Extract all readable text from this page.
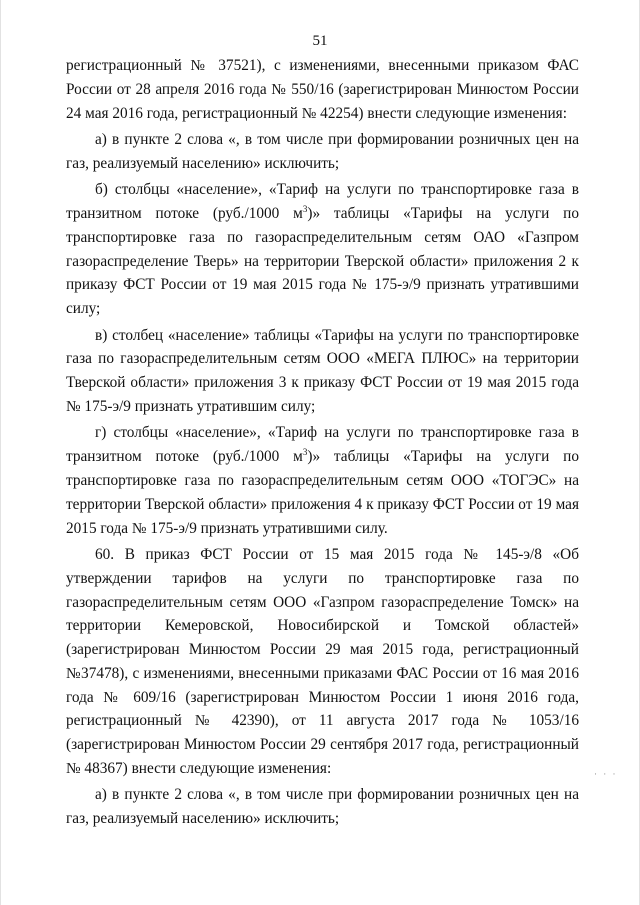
51

регистрационный № 37521), с изменениями, внесенными приказом ФАС России от 28 апреля 2016 года № 550/16 (зарегистрирован Минюстом России 24 мая 2016 года, регистрационный № 42254) внести следующие изменения:

а) в пункте 2 слова «, в том числе при формировании розничных цен на газ, реализуемый населению» исключить;

б) столбцы «население», «Тариф на услуги по транспортировке газа в транзитном потоке (руб./1000 $м^3$)» таблицы «Тарифы на услуги по транспортировке газа по газораспределительным сетям ОАО «Газпром газораспределение Тверь» на территории Тверской области» приложения 2 к приказу ФСТ России от 19 мая 2015 года № 175-э/9 признать утратившими силу;

в) столбец «население» таблицы «Тарифы на услуги по транспортировке газа по газораспределительным сетям ООО «МЕГА ПЛЮС» на территории Тверской области» приложения 3 к приказу ФСТ России от 19 мая 2015 года № 175-э/9 признать утратившим силу;

г) столбцы «население», «Тариф на услуги по транспортировке газа в транзитном потоке (руб./1000 $м^3$)» таблицы «Тарифы на услуги по транспортировке газа по газораспределительным сетям ООО «ТОГЭС» на территории Тверской области» приложения 4 к приказу ФСТ России от 19 мая 2015 года № 175-э/9 признать утратившими силу.

60. В приказ ФСТ России от 15 мая 2015 года № 145-э/8 «Об утверждении тарифов на услуги по транспортировке газа по газораспределительным сетям ООО «Газпром газораспределение Томск» на территории Кемеровской, Новосибирской и Томской областей» (зарегистрирован Минюстом России 29 мая 2015 года, регистрационный №37478), с изменениями, внесенными приказами ФАС России от 16 мая 2016 года № 609/16 (зарегистрирован Минюстом России 1 июня 2016 года, регистрационный № 42390), от 11 августа 2017 года № 1053/16 (зарегистрирован Минюстом России 29 сентября 2017 года, регистрационный № 48367) внести следующие изменения:

а) в пункте 2 слова «, в том числе при формировании розничных цен на газ, реализуемый населению» исключить;

· · ·
